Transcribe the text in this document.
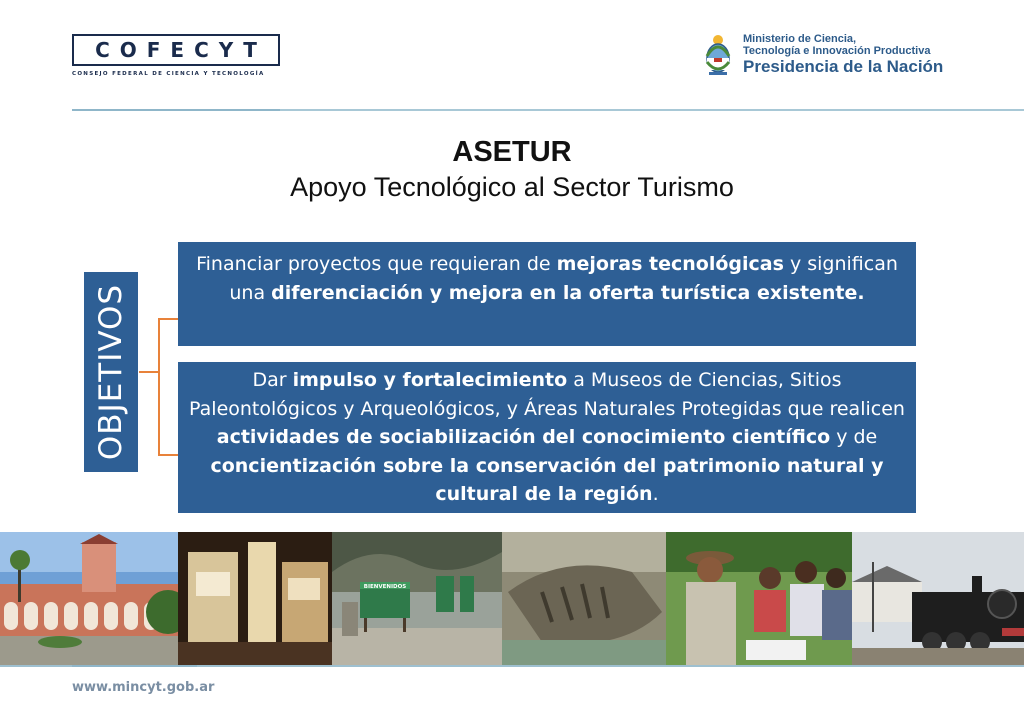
COFECYT
CONSEJO FEDERAL DE CIENCIA Y TECNOLOGÍA
Ministerio de Ciencia,
Tecnología e Innovación Productiva
Presidencia de la Nación
ASETUR
Apoyo Tecnológico al Sector Turismo
OBJETIVOS
Financiar proyectos que requieran de mejoras tecnológicas y significan una diferenciación y mejora en la oferta turística existente.
Dar impulso y fortalecimiento a Museos de Ciencias, Sitios Paleontológicos y Arqueológicos, y Áreas Naturales Protegidas que realicen actividades de sociabilización del conocimiento científico y de concientización sobre la conservación del patrimonio natural y cultural de la región.
BIENVENIDOS
www.mincyt.gob.ar
